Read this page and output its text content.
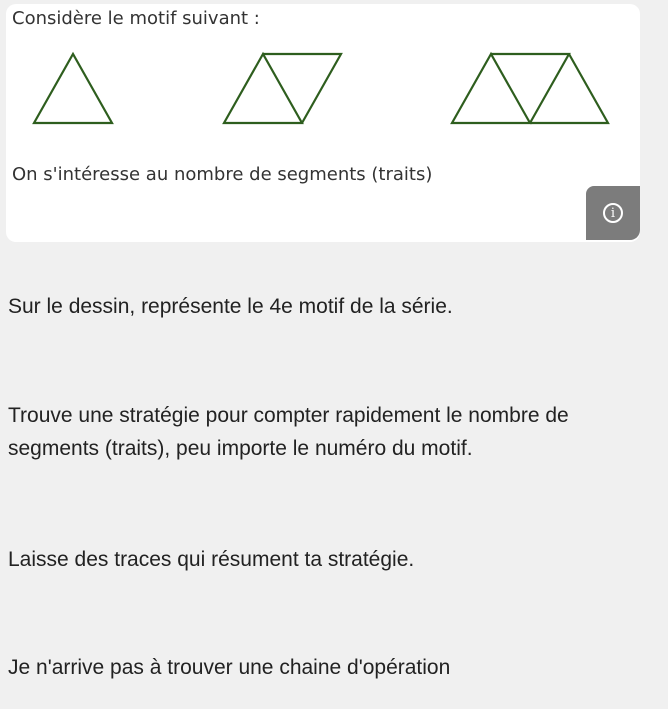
Considère le motif suivant :
On s'intéresse au nombre de segments (traits)
i
Sur le dessin, représente le 4e motif de la série.
Trouve une stratégie pour compter rapidement le nombre de segments (traits), peu importe le numéro du motif.
Laisse des traces qui résument ta stratégie.
Je n'arrive pas à trouver une chaine d'opération
